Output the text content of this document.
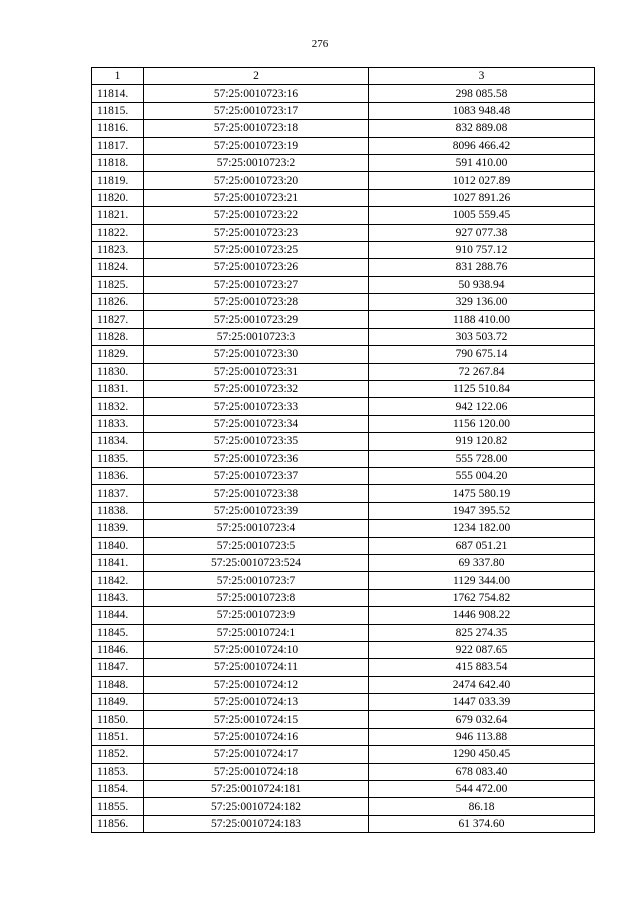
276
1	2	3
11814.	57:25:0010723:16	298 085.58
11815.	57:25:0010723:17	1083 948.48
11816.	57:25:0010723:18	832 889.08
11817.	57:25:0010723:19	8096 466.42
11818.	57:25:0010723:2	591 410.00
11819.	57:25:0010723:20	1012 027.89
11820.	57:25:0010723:21	1027 891.26
11821.	57:25:0010723:22	1005 559.45
11822.	57:25:0010723:23	927 077.38
11823.	57:25:0010723:25	910 757.12
11824.	57:25:0010723:26	831 288.76
11825.	57:25:0010723:27	50 938.94
11826.	57:25:0010723:28	329 136.00
11827.	57:25:0010723:29	1188 410.00
11828.	57:25:0010723:3	303 503.72
11829.	57:25:0010723:30	790 675.14
11830.	57:25:0010723:31	72 267.84
11831.	57:25:0010723:32	1125 510.84
11832.	57:25:0010723:33	942 122.06
11833.	57:25:0010723:34	1156 120.00
11834.	57:25:0010723:35	919 120.82
11835.	57:25:0010723:36	555 728.00
11836.	57:25:0010723:37	555 004.20
11837.	57:25:0010723:38	1475 580.19
11838.	57:25:0010723:39	1947 395.52
11839.	57:25:0010723:4	1234 182.00
11840.	57:25:0010723:5	687 051.21
11841.	57:25:0010723:524	69 337.80
11842.	57:25:0010723:7	1129 344.00
11843.	57:25:0010723:8	1762 754.82
11844.	57:25:0010723:9	1446 908.22
11845.	57:25:0010724:1	825 274.35
11846.	57:25:0010724:10	922 087.65
11847.	57:25:0010724:11	415 883.54
11848.	57:25:0010724:12	2474 642.40
11849.	57:25:0010724:13	1447 033.39
11850.	57:25:0010724:15	679 032.64
11851.	57:25:0010724:16	946 113.88
11852.	57:25:0010724:17	1290 450.45
11853.	57:25:0010724:18	678 083.40
11854.	57:25:0010724:181	544 472.00
11855.	57:25:0010724:182	86.18
11856.	57:25:0010724:183	61 374.60
